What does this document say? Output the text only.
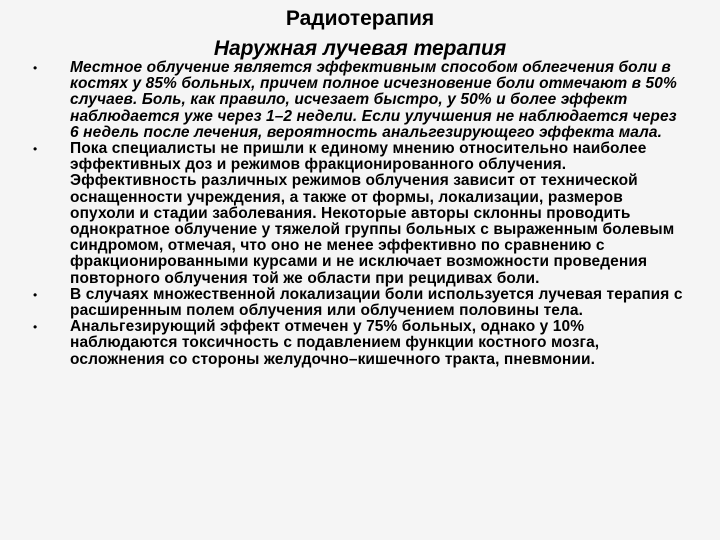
Радиотерапия
Наружная лучевая терапия
•	Местное облучение является эффективным способом облегчения боли в костях у 85% больных, причем полное исчезновение боли отмечают в 50% случаев. Боль, как правило, исчезает быстро, у 50% и более эффект наблюдается уже через 1–2 недели. Если улучшения не наблюдается через 6 недель после лечения, вероятность анальгезирующего эффекта мала.
•	Пока специалисты не пришли к единому мнению относительно наиболее эффективных доз и режимов фракционированного облучения. Эффективность различных режимов облучения зависит от технической оснащенности учреждения, а также от формы, локализации, размеров опухоли и стадии заболевания. Некоторые авторы склонны проводить однократное облучение у тяжелой группы больных с выраженным болевым синдромом, отмечая, что оно не менее эффективно по сравнению с фракционированными курсами и не исключает возможности проведения повторного облучения той же области при рецидивах боли.
•	В случаях множественной локализации боли используется лучевая терапия с расширенным полем облучения или облучением половины тела.
•	Анальгезирующий эффект отмечен у 75% больных, однако у 10% наблюдаются токсичность с подавлением функции костного мозга, осложнения со стороны желудочно–кишечного тракта, пневмонии.
